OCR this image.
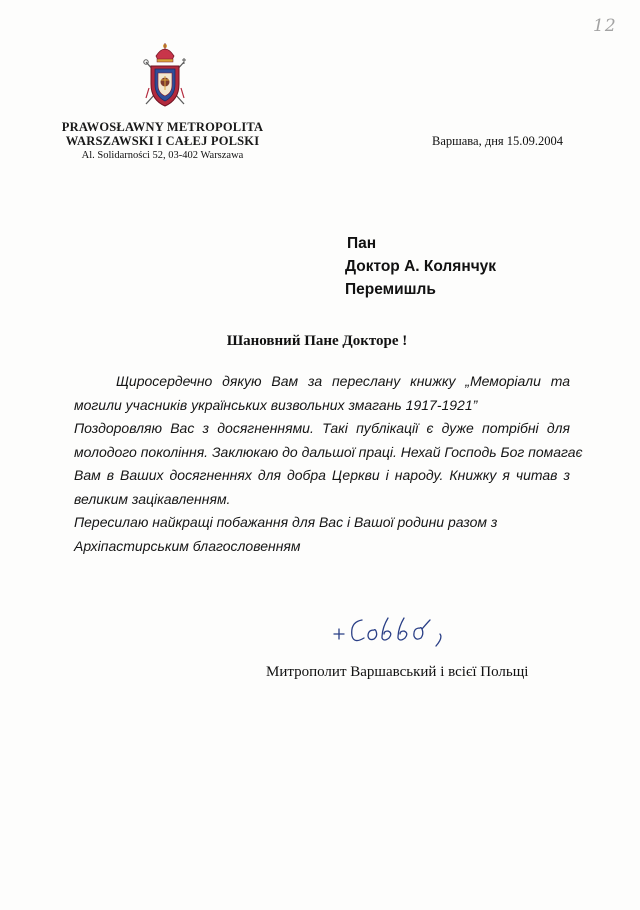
12
PRAWOSŁAWNY METROPOLITA
WARSZAWSKI I CAŁEJ POLSKI
Al. Solidarności 52, 03-402 Warszawa
Варшава, дня 15.09.2004
Пан
Доктор А. Колянчук
Перемишль
Шановний Пане Докторе !
Щиросердечно дякую Вам за переслану книжку „Меморіали та
могили учасників українських визвольних змагань 1917-1921”
Поздоровляю Вас з досягненнями. Такі публікації є дуже потрібні для
молодого покоління. Заклюкаю до дальшої праці. Нехай Господь Бог помагає
Вам в Ваших досягненнях для добра Церкви і народу. Книжку я читав з
великим зацікавленням.
Пересилаю найкращі побажання для Вас і Вашої родини разом з
Архіпастирським благословенням
Митрополит Варшавський і всієї Польщі
